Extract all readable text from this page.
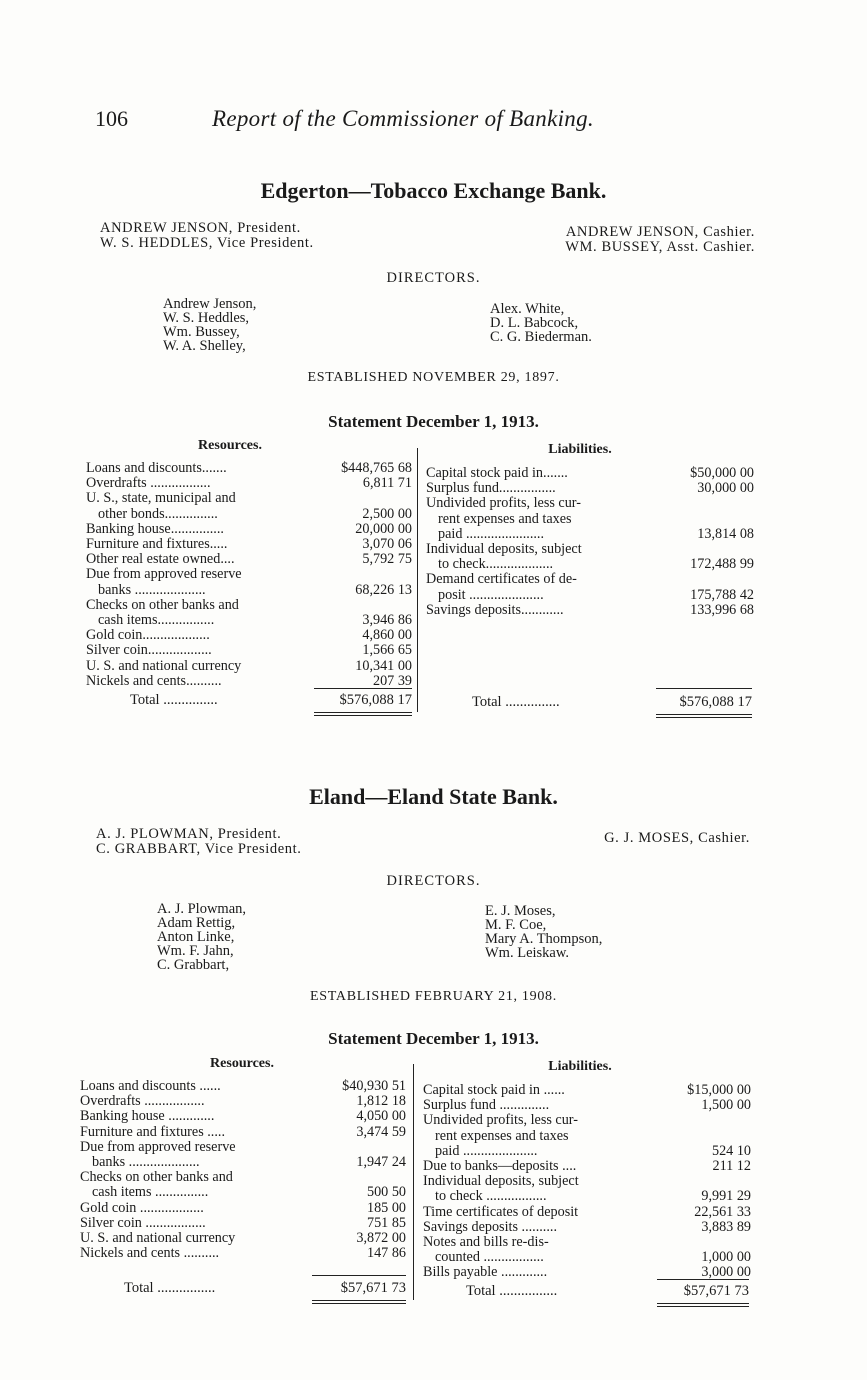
106	Report of the Commissioner of Banking.
Edgerton—Tobacco Exchange Bank.
ANDREW JENSON, President.
W. S. HEDDLES, Vice President.
ANDREW JENSON, Cashier.
WM. BUSSEY, Asst. Cashier.
DIRECTORS.
Andrew Jenson,
W. S. Heddles,
Wm. Bussey,
W. A. Shelley,
Alex. White,
D. L. Babcock,
C. G. Biederman.
ESTABLISHED NOVEMBER 29, 1897.
Statement December 1, 1913.
Resources.	Liabilities.
Loans and discounts.......	$448,765 68
Overdrafts .................	6,811 71
U. S., state, municipal and
other bonds...............	2,500 00
Banking house...............	20,000 00
Furniture and fixtures.....	3,070 06
Other real estate owned....	5,792 75
Due from approved reserve
banks ....................	68,226 13
Checks on other banks and
cash items................	3,946 86
Gold coin...................	4,860 00
Silver coin..................	1,566 65
U. S. and national currency	10,341 00
Nickels and cents..........	207 39
Capital stock paid in.......	$50,000 00
Surplus fund................	30,000 00
Undivided profits, less cur-
rent expenses and taxes
paid ......................	13,814 08
Individual deposits, subject
to check...................	172,488 99
Demand certificates of de-
posit .....................	175,788 42
Savings deposits............	133,996 68
Total ...............	$576,088 17	Total ...............	$576,088 17
Eland—Eland State Bank.
A. J. PLOWMAN, President.
C. GRABBART, Vice President.
G. J. MOSES, Cashier.
DIRECTORS.
A. J. Plowman,
Adam Rettig,
Anton Linke,
Wm. F. Jahn,
C. Grabbart,
E. J. Moses,
M. F. Coe,
Mary A. Thompson,
Wm. Leiskaw.
ESTABLISHED FEBRUARY 21, 1908.
Statement December 1, 1913.
Resources.	Liabilities.
Loans and discounts ......	$40,930 51
Overdrafts .................	1,812 18
Banking house .............	4,050 00
Furniture and fixtures .....	3,474 59
Due from approved reserve
banks ....................	1,947 24
Checks on other banks and
cash items ...............	500 50
Gold coin ..................	185 00
Silver coin .................	751 85
U. S. and national currency	3,872 00
Nickels and cents ..........	147 86
Capital stock paid in ......	$15,000 00
Surplus fund ..............	1,500 00
Undivided profits, less cur-
rent expenses and taxes
paid .....................	524 10
Due to banks—deposits ....	211 12
Individual deposits, subject
to check .................	9,991 29
Time certificates of deposit	22,561 33
Savings deposits ..........	3,883 89
Notes and bills re-dis-
counted .................	1,000 00
Bills payable .............	3,000 00
Total ................	$57,671 73	Total ................	$57,671 73
